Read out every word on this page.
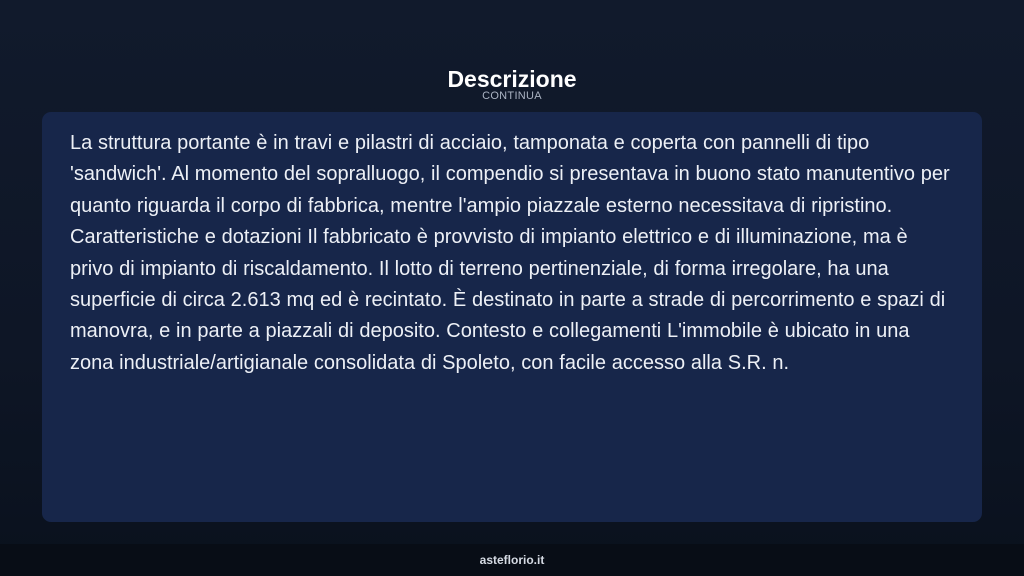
Descrizione
CONTINUA

La struttura portante è in travi e pilastri di acciaio, tamponata e coperta con pannelli di tipo 'sandwich'. Al momento del sopralluogo, il compendio si presentava in buono stato manutentivo per quanto riguarda il corpo di fabbrica, mentre l'ampio piazzale esterno necessitava di ripristino. Caratteristiche e dotazioni Il fabbricato è provvisto di impianto elettrico e di illuminazione, ma è privo di impianto di riscaldamento. Il lotto di terreno pertinenziale, di forma irregolare, ha una superficie di circa 2.613 mq ed è recintato. È destinato in parte a strade di percorrimento e spazi di manovra, e in parte a piazzali di deposito. Contesto e collegamenti L'immobile è ubicato in una zona industriale/artigianale consolidata di Spoleto, con facile accesso alla S.R. n.

asteflorio.it
